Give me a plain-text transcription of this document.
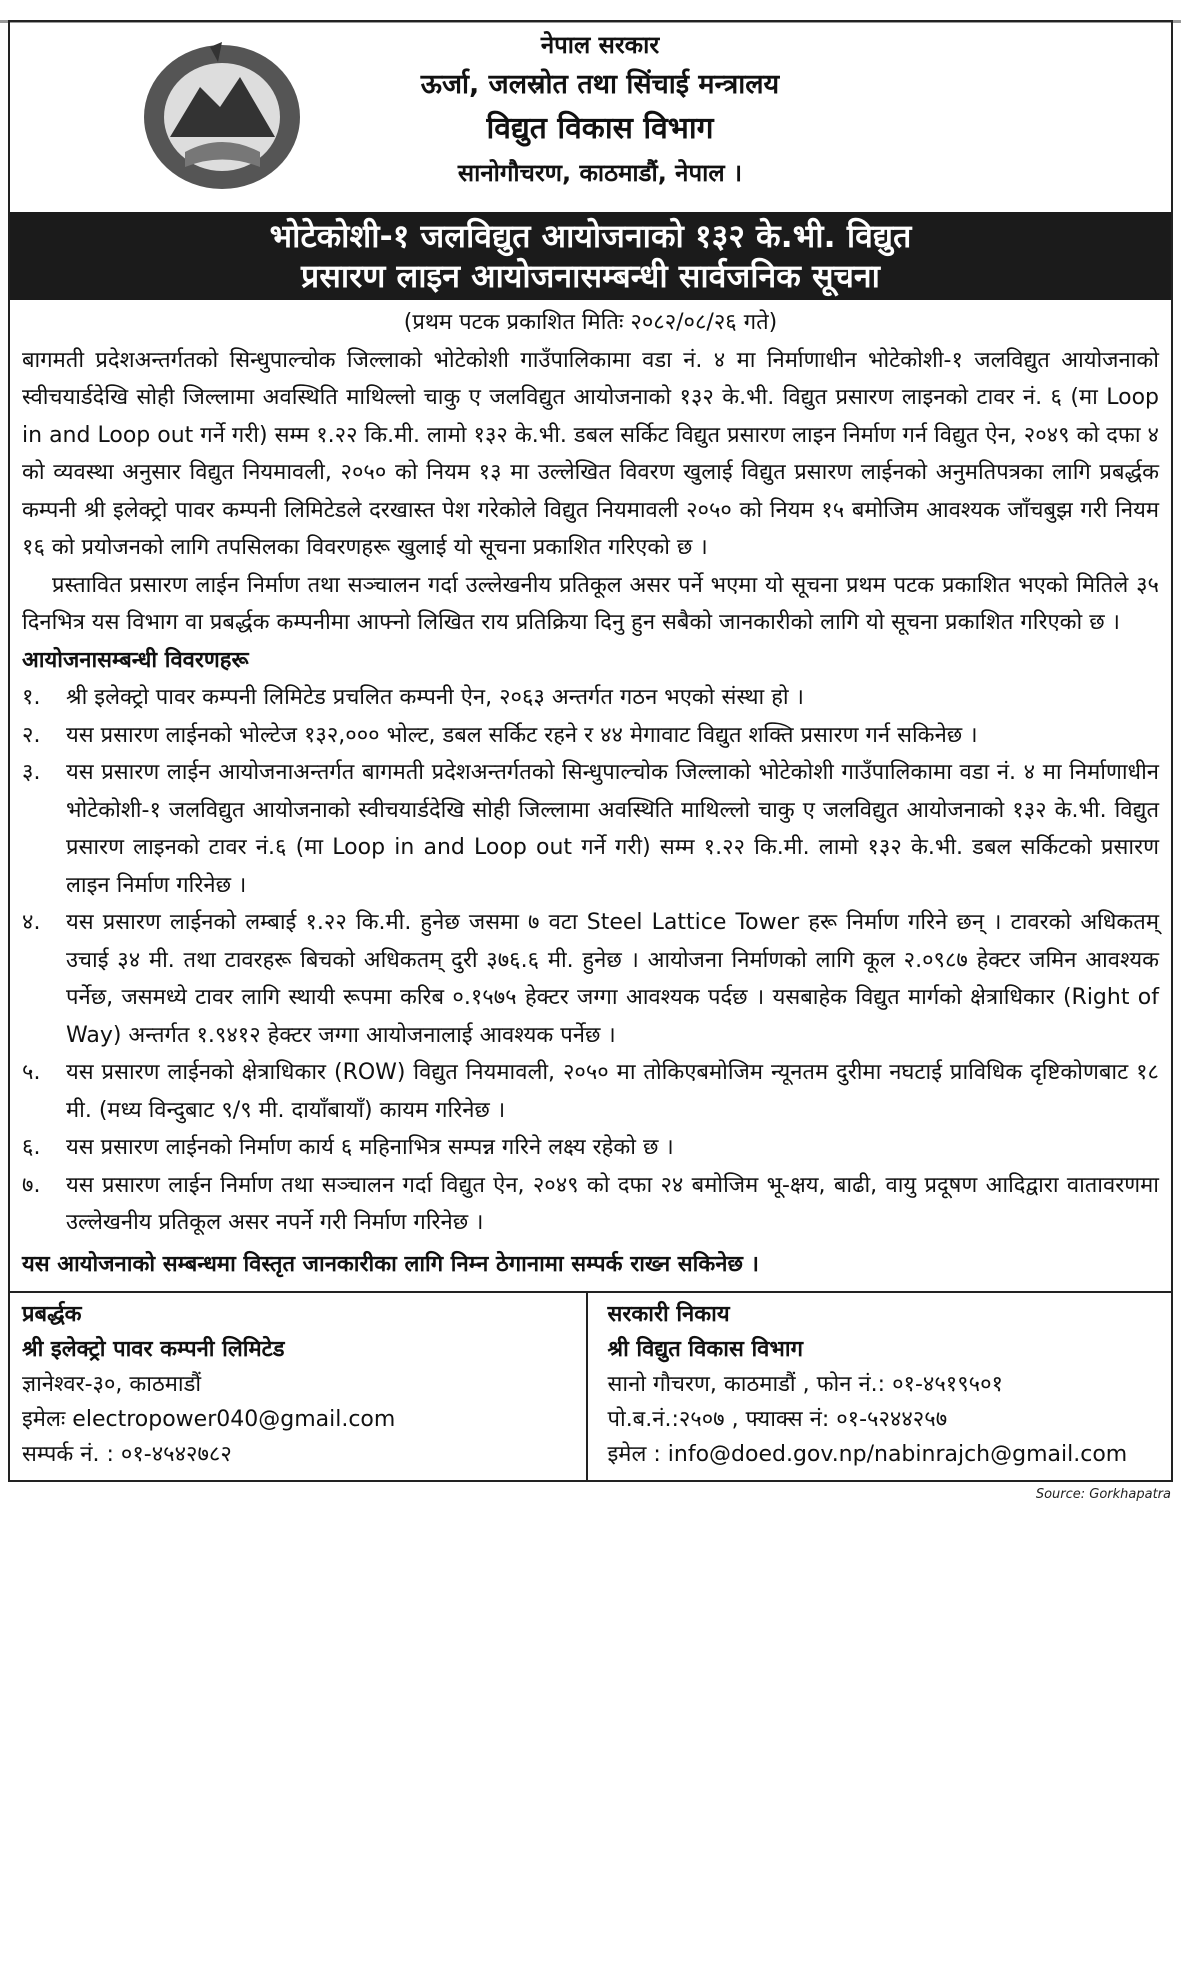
नेपाल सरकार
ऊर्जा, जलस्रोत तथा सिंचाई मन्त्रालय
विद्युत विकास विभाग
सानोगौचरण, काठमाडौं, नेपाल ।
भोटेकोशी-१ जलविद्युत आयोजनाको १३२ के.भी. विद्युत
प्रसारण लाइन आयोजनासम्बन्धी सार्वजनिक सूचना
(प्रथम पटक प्रकाशित मितिः २०८२/०८/२६ गते)

बागमती प्रदेशअन्तर्गतको सिन्धुपाल्चोक जिल्लाको भोटेकोशी गाउँपालिकामा वडा नं. ४ मा निर्माणाधीन भोटेकोशी-१ जलविद्युत आयोजनाको स्वीचयार्डदेखि सोही जिल्लामा अवस्थिति माथिल्लो चाकु ए जलविद्युत आयोजनाको १३२ के.भी. विद्युत प्रसारण लाइनको टावर नं. ६ (मा Loop in and Loop out गर्ने गरी) सम्म १.२२ कि.मी. लामो १३२ के.भी. डबल सर्किट विद्युत प्रसारण लाइन निर्माण गर्न विद्युत ऐन, २०४९ को दफा ४ को व्यवस्था अनुसार विद्युत नियमावली, २०५० को नियम १३ मा उल्लेखित विवरण खुलाई विद्युत प्रसारण लाईनको अनुमतिपत्रका लागि प्रबर्द्धक कम्पनी श्री इलेक्ट्रो पावर कम्पनी लिमिटेडले दरखास्त पेश गरेकोले विद्युत नियमावली २०५० को नियम १५ बमोजिम आवश्यक जाँचबुझ गरी नियम १६ को प्रयोजनको लागि तपसिलका विवरणहरू खुलाई यो सूचना प्रकाशित गरिएको छ ।

प्रस्तावित प्रसारण लाईन निर्माण तथा सञ्चालन गर्दा उल्लेखनीय प्रतिकूल असर पर्ने भएमा यो सूचना प्रथम पटक प्रकाशित भएको मितिले ३५ दिनभित्र यस विभाग वा प्रबर्द्धक कम्पनीमा आफ्नो लिखित राय प्रतिक्रिया दिनु हुन सबैको जानकारीको लागि यो सूचना प्रकाशित गरिएको छ ।

आयोजनासम्बन्धी विवरणहरू
१.	श्री इलेक्ट्रो पावर कम्पनी लिमिटेड प्रचलित कम्पनी ऐन, २०६३ अन्तर्गत गठन भएको संस्था हो ।
२.	यस प्रसारण लाईनको भोल्टेज १३२,००० भोल्ट, डबल सर्किट रहने र ४४ मेगावाट विद्युत शक्ति प्रसारण गर्न सकिनेछ ।
३.	यस प्रसारण लाईन आयोजनाअन्तर्गत बागमती प्रदेशअन्तर्गतको सिन्धुपाल्चोक जिल्लाको भोटेकोशी गाउँपालिकामा वडा नं. ४ मा निर्माणाधीन भोटेकोशी-१ जलविद्युत आयोजनाको स्वीचयार्डदेखि सोही जिल्लामा अवस्थिति माथिल्लो चाकु ए जलविद्युत आयोजनाको १३२ के.भी. विद्युत प्रसारण लाइनको टावर नं.६ (मा Loop in and Loop out गर्ने गरी) सम्म १.२२ कि.मी. लामो १३२ के.भी. डबल सर्किटको प्रसारण लाइन निर्माण गरिनेछ ।
४.	यस प्रसारण लाईनको लम्बाई १.२२ कि.मी. हुनेछ जसमा ७ वटा Steel Lattice Tower हरू निर्माण गरिने छन् । टावरको अधिकतम् उचाई ३४ मी. तथा टावरहरू बिचको अधिकतम् दुरी ३७६.६ मी. हुनेछ । आयोजना निर्माणको लागि कूल २.०९८७ हेक्टर जमिन आवश्यक पर्नेछ, जसमध्ये टावर लागि स्थायी रूपमा करिब ०.१५७५ हेक्टर जग्गा आवश्यक पर्दछ । यसबाहेक विद्युत मार्गको क्षेत्राधिकार (Right of Way) अन्तर्गत १.९४१२ हेक्टर जग्गा आयोजनालाई आवश्यक पर्नेछ ।
५.	यस प्रसारण लाईनको क्षेत्राधिकार (ROW) विद्युत नियमावली, २०५० मा तोकिएबमोजिम न्यूनतम दुरीमा नघटाई प्राविधिक दृष्टिकोणबाट १८ मी. (मध्य विन्दुबाट ९/९ मी. दायाँबायाँ) कायम गरिनेछ ।
६.	यस प्रसारण लाईनको निर्माण कार्य ६ महिनाभित्र सम्पन्न गरिने लक्ष्य रहेको छ ।
७.	यस प्रसारण लाईन निर्माण तथा सञ्चालन गर्दा विद्युत ऐन, २०४९ को दफा २४ बमोजिम भू-क्षय, बाढी, वायु प्रदूषण आदिद्वारा वातावरणमा उल्लेखनीय प्रतिकूल असर नपर्ने गरी निर्माण गरिनेछ ।
यस आयोजनाको सम्बन्धमा विस्तृत जानकारीका लागि निम्न ठेगानामा सम्पर्क राख्न सकिनेछ ।
प्रबर्द्धक
श्री इलेक्ट्रो पावर कम्पनी लिमिटेड
ज्ञानेश्वर-३०, काठमाडौं
इमेलः electropower040@gmail.com
सम्पर्क नं. : ०१-४५४२७८२
सरकारी निकाय
श्री विद्युत विकास विभाग
सानो गौचरण, काठमाडौं , फोन नं.: ०१-४५१९५०१
पो.ब.नं.:२५०७ , फ्याक्स नं: ०१-५२४४२५७
इमेल : info@doed.gov.np/nabinrajch@gmail.com
Source: Gorkhapatra
